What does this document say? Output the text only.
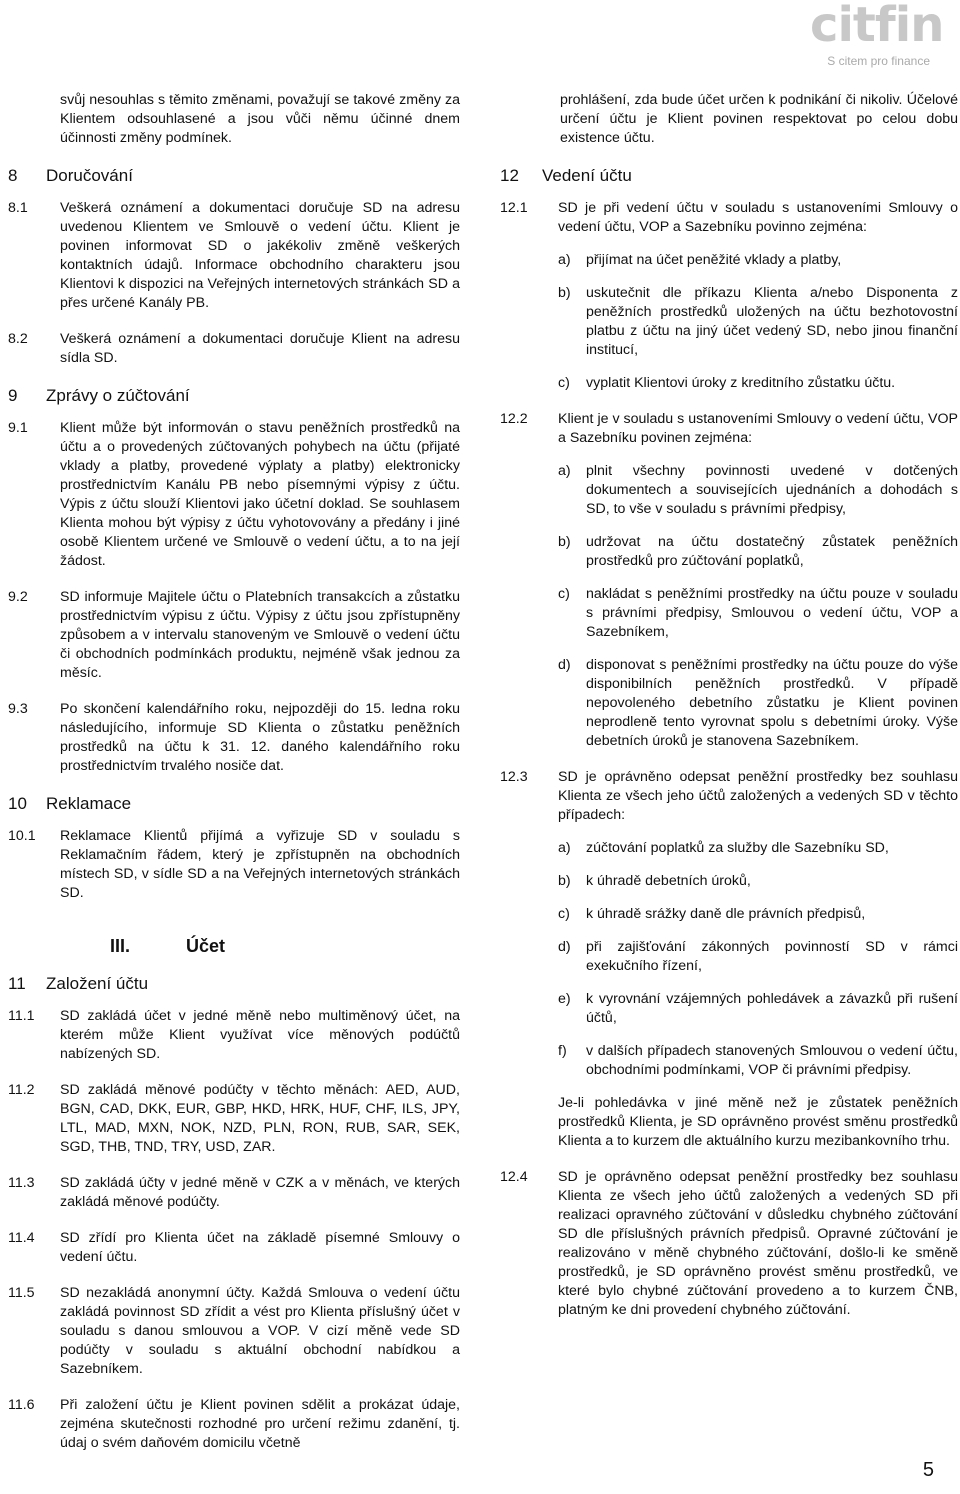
citfin
S citem pro finance
svůj nesouhlas s těmito změnami, považují se takové změny za Klientem odsouhlasené a jsou vůči němu účinné dnem účinnosti změny podmínek.
8	Doručování
8.1	Veškerá oznámení a dokumentaci doručuje SD na adresu uvedenou Klientem ve Smlouvě o vedení účtu. Klient je povinen informovat SD o jakékoliv změně veškerých kontaktních údajů. Informace obchodního charakteru jsou Klientovi k dispozici na Veřejných internetových stránkách SD a přes určené Kanály PB.
8.2	Veškerá oznámení a dokumentaci doručuje Klient na adresu sídla SD.
9	Zprávy o zúčtování
9.1	Klient může být informován o stavu peněžních prostředků na účtu a o provedených zúčtovaných pohybech na účtu (přijaté vklady a platby, provedené výplaty a platby) elektronicky prostřednictvím Kanálu PB nebo písemnými výpisy z účtu. Výpis z účtu slouží Klientovi jako účetní doklad. Se souhlasem Klienta mohou být výpisy z účtu vyhotovovány a předány i jiné osobě Klientem určené ve Smlouvě o vedení účtu, a to na její žádost.
9.2	SD informuje Majitele účtu o Platebních transakcích a zůstatku prostřednictvím výpisu z účtu. Výpisy z účtu jsou zpřístupněny způsobem a v intervalu stanoveným ve Smlouvě o vedení účtu či obchodních podmínkách produktu, nejméně však jednou za měsíc.
9.3	Po skončení kalendářního roku, nejpozději do 15. ledna roku následujícího, informuje SD Klienta o zůstatku peněžních prostředků na účtu k 31. 12. daného kalendářního roku prostřednictvím trvalého nosiče dat.
10	Reklamace
10.1	Reklamace Klientů přijímá a vyřizuje SD v souladu s Reklamačním řádem, který je zpřístupněn na obchodních místech SD, v sídle SD a na Veřejných internetových stránkách SD.
III.	Účet
11	Založení účtu
11.1	SD zakládá účet v jedné měně nebo multiměnový účet, na kterém může Klient využívat více měnových podúčtů nabízených SD.
11.2	SD zakládá měnové podúčty v těchto měnách: AED, AUD, BGN, CAD, DKK, EUR, GBP, HKD, HRK, HUF, CHF, ILS, JPY, LTL, MAD, MXN, NOK, NZD, PLN, RON, RUB, SAR, SEK, SGD, THB, TND, TRY, USD, ZAR.
11.3	SD zakládá účty v jedné měně v CZK a v měnách, ve kterých zakládá měnové podúčty.
11.4	SD zřídí pro Klienta účet na základě písemné Smlouvy o vedení účtu.
11.5	SD nezakládá anonymní účty. Každá Smlouva o vedení účtu zakládá povinnost SD zřídit a vést pro Klienta příslušný účet v souladu s danou smlouvou a VOP. V cizí měně vede SD podúčty v souladu s aktuální obchodní nabídkou a Sazebníkem.
11.6	Při založení účtu je Klient povinen sdělit a prokázat údaje, zejména skutečnosti rozhodné pro určení režimu zdanění, tj. údaj o svém daňovém domicilu včetně
prohlášení, zda bude účet určen k podnikání či nikoliv. Účelové určení účtu je Klient povinen respektovat po celou dobu existence účtu.
12	Vedení účtu
12.1	SD je při vedení účtu v souladu s ustanoveními Smlouvy o vedení účtu, VOP a Sazebníku povinno zejména:
a)	přijímat na účet peněžité vklady a platby,
b)	uskutečnit dle příkazu Klienta a/nebo Disponenta z peněžních prostředků uložených na účtu bezhotovostní platbu z účtu na jiný účet vedený SD, nebo jinou finanční institucí,
c)	vyplatit Klientovi úroky z kreditního zůstatku účtu.
12.2	Klient je v souladu s ustanoveními Smlouvy o vedení účtu, VOP a Sazebníku povinen zejména:
a)	plnit všechny povinnosti uvedené v dotčených dokumentech a souvisejících ujednáních a dohodách s SD, to vše v souladu s právními předpisy,
b)	udržovat na účtu dostatečný zůstatek peněžních prostředků pro zúčtování poplatků,
c)	nakládat s peněžními prostředky na účtu pouze v souladu s právními předpisy, Smlouvou o vedení účtu, VOP a Sazebníkem,
d)	disponovat s peněžními prostředky na účtu pouze do výše disponibilních peněžních prostředků. V případě nepovoleného debetního zůstatku je Klient povinen neprodleně tento vyrovnat spolu s debetními úroky. Výše debetních úroků je stanovena Sazebníkem.
12.3	SD je oprávněno odepsat peněžní prostředky bez souhlasu Klienta ze všech jeho účtů založených a vedených SD v těchto případech:
a)	zúčtování poplatků za služby dle Sazebníku SD,
b)	k úhradě debetních úroků,
c)	k úhradě srážky daně dle právních předpisů,
d)	při zajišťování zákonných povinností SD v rámci exekučního řízení,
e)	k vyrovnání vzájemných pohledávek a závazků při rušení účtů,
f)	v dalších případech stanovených Smlouvou o vedení účtu, obchodními podmínkami, VOP či právními předpisy.
Je-li pohledávka v jiné měně než je zůstatek peněžních prostředků Klienta, je SD oprávněno provést směnu prostředků Klienta a to kurzem dle aktuálního kurzu mezibankovního trhu.
12.4	SD je oprávněno odepsat peněžní prostředky bez souhlasu Klienta ze všech jeho účtů založených a vedených SD při realizaci opravného zúčtování v důsledku chybného zúčtování SD dle příslušných právních předpisů. Opravné zúčtování je realizováno v měně chybného zúčtování, došlo-li ke směně prostředků, je SD oprávněno provést směnu prostředků, ve které bylo chybné zúčtování provedeno a to kurzem ČNB, platným ke dni provedení chybného zúčtování.
5
